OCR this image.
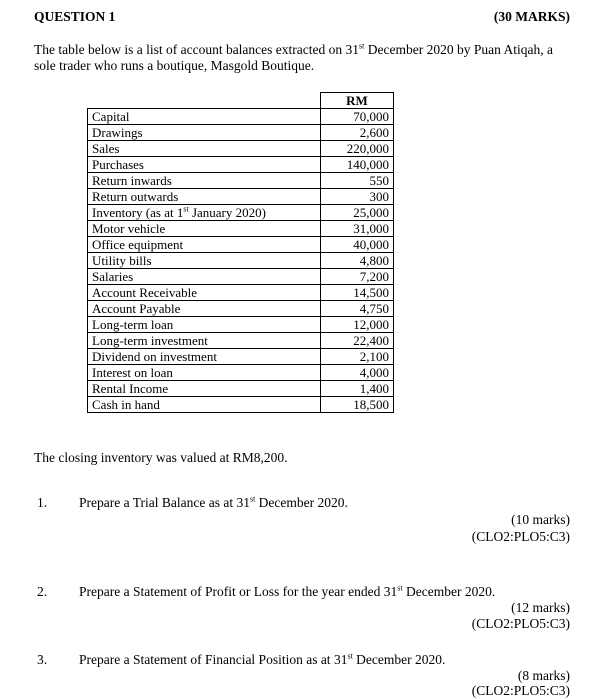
QUESTION 1	(30 MARKS)
The table below is a list of account balances extracted on 31st December 2020 by Puan Atiqah, a sole trader who runs a boutique, Masgold Boutique.
	RM
Capital	70,000
Drawings	2,600
Sales	220,000
Purchases	140,000
Return inwards	550
Return outwards	300
Inventory (as at 1st January 2020)	25,000
Motor vehicle	31,000
Office equipment	40,000
Utility bills	4,800
Salaries	7,200
Account Receivable	14,500
Account Payable	4,750
Long-term loan	12,000
Long-term investment	22,400
Dividend on investment	2,100
Interest on loan	4,000
Rental Income	1,400
Cash in hand	18,500
The closing inventory was valued at RM8,200.
1. Prepare a Trial Balance as at 31st December 2020.
(10 marks)
(CLO2:PLO5:C3)
2. Prepare a Statement of Profit or Loss for the year ended 31st December 2020.
(12 marks)
(CLO2:PLO5:C3)
3. Prepare a Statement of Financial Position as at 31st December 2020.
(8 marks)
(CLO2:PLO5:C3)
